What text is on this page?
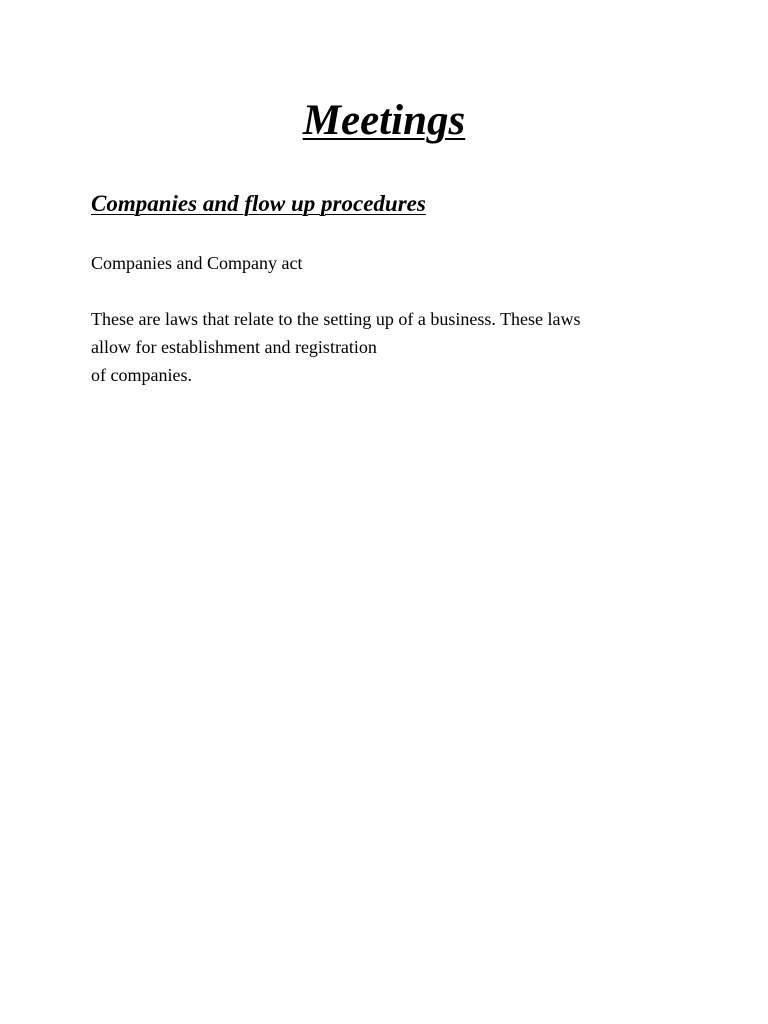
Meetings
Companies and flow up procedures

Companies and Company act

These are laws that relate to the setting up of a business. These laws
allow for establishment and registration
of companies.
